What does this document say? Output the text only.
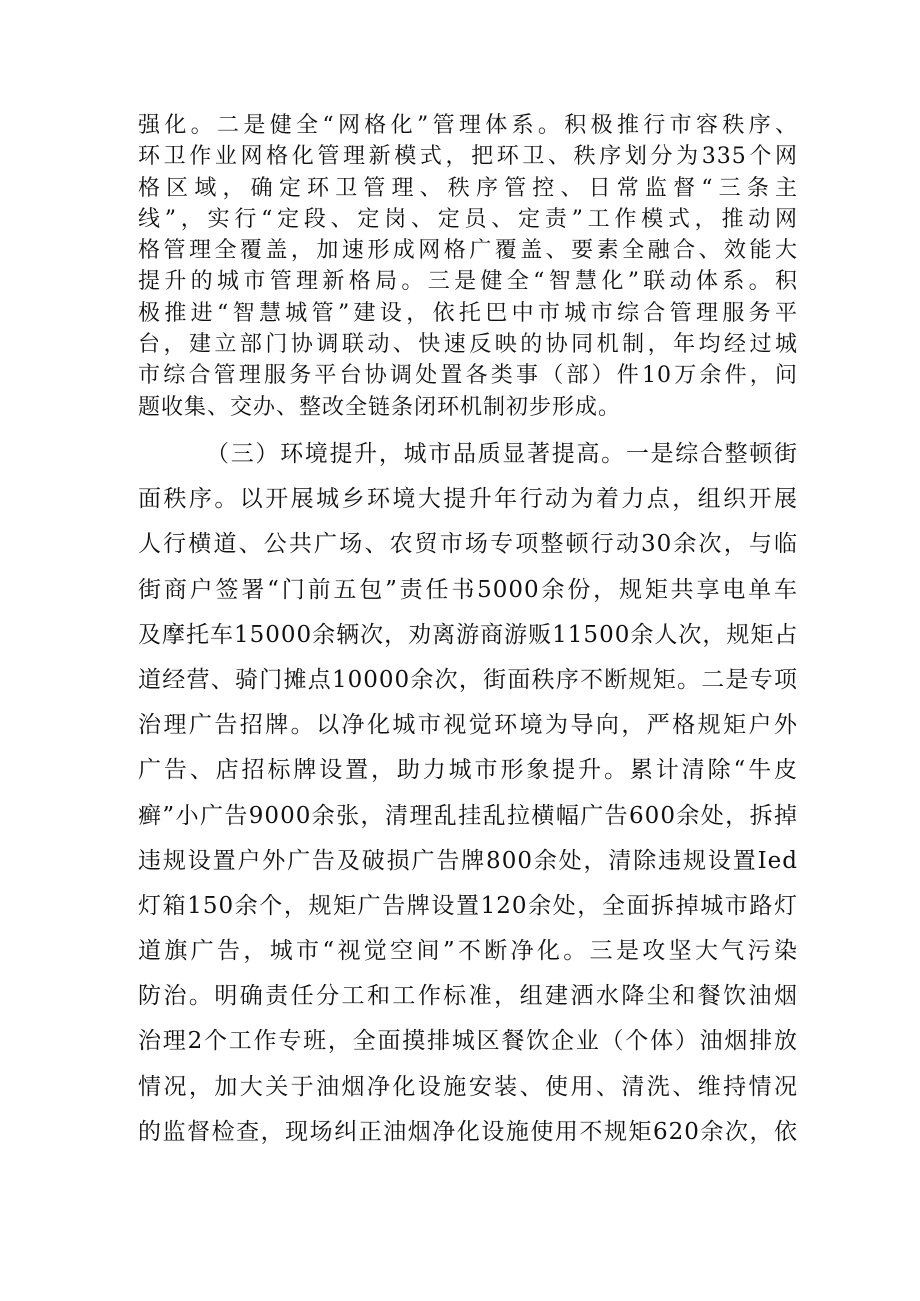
强化。二是健全“网格化”管理体系。积极推行市容秩序、
环卫作业网格化管理新模式，把环卫、秩序划分为335个网
格区域，确定环卫管理、秩序管控、日常监督“三条主
线”，实行“定段、定岗、定员、定责”工作模式，推动网
格管理全覆盖，加速形成网格广覆盖、要素全融合、效能大
提升的城市管理新格局。三是健全“智慧化”联动体系。积
极推进“智慧城管”建设，依托巴中市城市综合管理服务平
台，建立部门协调联动、快速反映的协同机制，年均经过城
市综合管理服务平台协调处置各类事（部）件10万余件，问
题收集、交办、整改全链条闭环机制初步形成。
（三）环境提升，城市品质显著提高。一是综合整顿街
面秩序。以开展城乡环境大提升年行动为着力点，组织开展
人行横道、公共广场、农贸市场专项整顿行动30余次，与临
街商户签署“门前五包”责任书5000余份，规矩共享电单车
及摩托车15000余辆次，劝离游商游贩11500余人次，规矩占
道经营、骑门摊点10000余次，街面秩序不断规矩。二是专项
治理广告招牌。以净化城市视觉环境为导向，严格规矩户外
广告、店招标牌设置，助力城市形象提升。累计清除“牛皮
癣”小广告9000余张，清理乱挂乱拉横幅广告600余处，拆掉
违规设置户外广告及破损广告牌800余处，清除违规设置Ied
灯箱150余个，规矩广告牌设置120余处，全面拆掉城市路灯
道旗广告，城市“视觉空间”不断净化。三是攻坚大气污染
防治。明确责任分工和工作标准，组建洒水降尘和餐饮油烟
治理2个工作专班，全面摸排城区餐饮企业（个体）油烟排放
情况，加大关于油烟净化设施安装、使用、清洗、维持情况
的监督检查，现场纠正油烟净化设施使用不规矩620余次，依
